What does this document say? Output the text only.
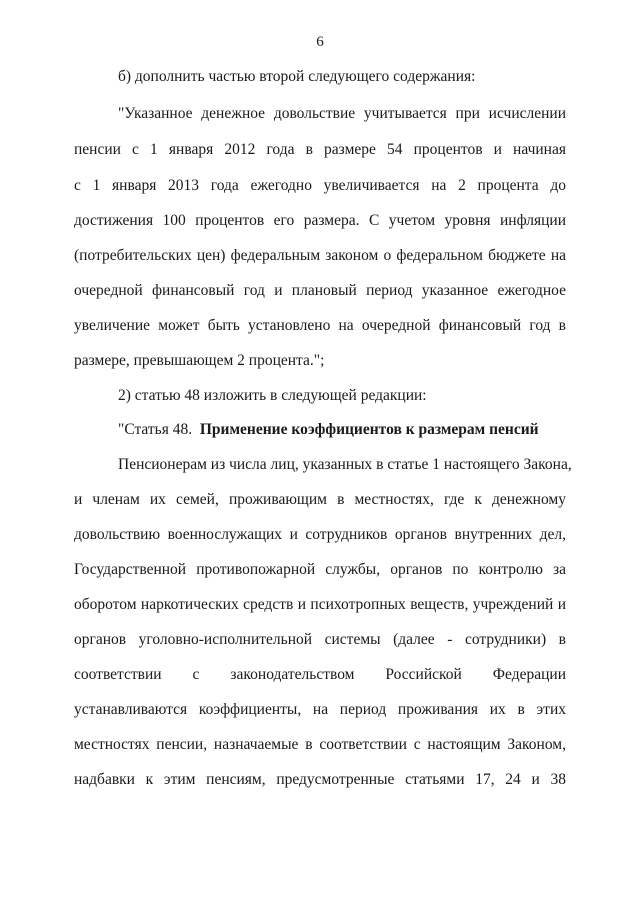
6
б) дополнить частью второй следующего содержания:
"Указанное денежное довольствие учитывается при исчислении
пенсии с 1 января 2012 года в размере 54 процентов и начиная
с 1 января 2013 года ежегодно увеличивается на 2 процента до
достижения 100 процентов его размера. С учетом уровня инфляции
(потребительских цен) федеральным законом о федеральном бюджете на
очередной финансовый год и плановый период указанное ежегодное
увеличение может быть установлено на очередной финансовый год в
размере, превышающем 2 процента.";
2) статью 48 изложить в следующей редакции:
"Статья 48. Применение коэффициентов к размерам пенсий
Пенсионерам из числа лиц, указанных в статье 1 настоящего Закона,
и членам их семей, проживающим в местностях, где к денежному
довольствию военнослужащих и сотрудников органов внутренних дел,
Государственной противопожарной службы, органов по контролю за
оборотом наркотических средств и психотропных веществ, учреждений и
органов уголовно-исполнительной системы (далее - сотрудники) в
соответствии с законодательством Российской Федерации
устанавливаются коэффициенты, на период проживания их в этих
местностях пенсии, назначаемые в соответствии с настоящим Законом,
надбавки к этим пенсиям, предусмотренные статьями 17, 24 и 38
